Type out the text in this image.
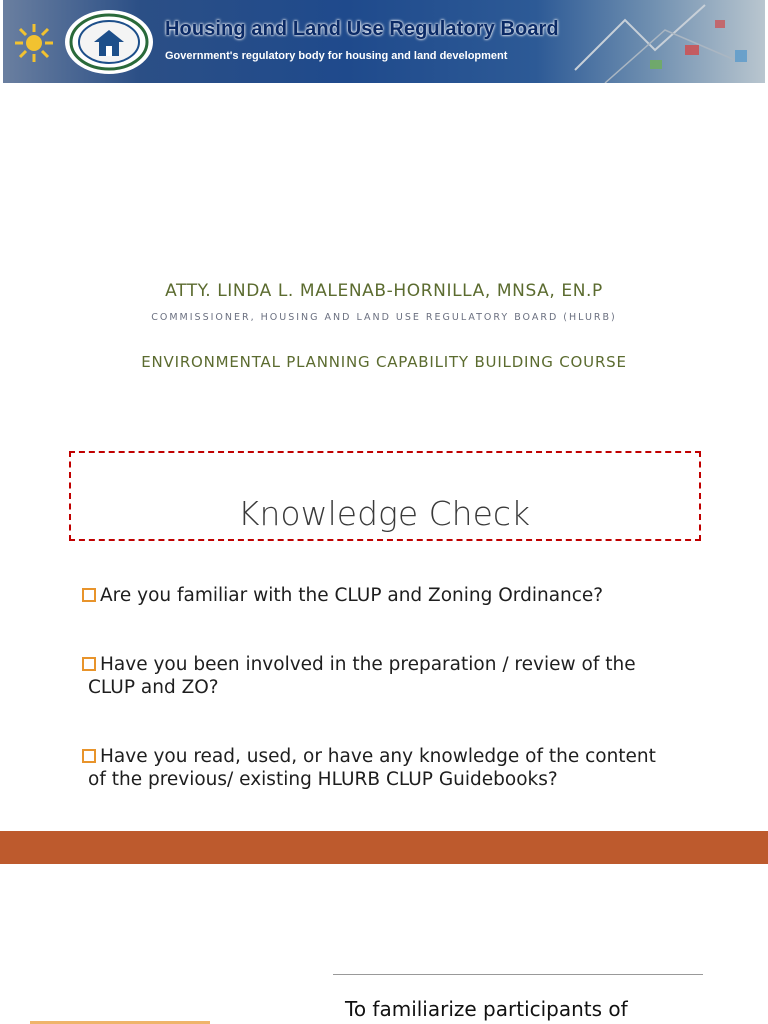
Housing and Land Use Regulatory Board
Government's regulatory body for housing and land development
ATTY. LINDA L. MALENAB-HORNILLA, MNSA, EN.P
COMMISSIONER, HOUSING AND LAND USE REGULATORY BOARD (HLURB)
ENVIRONMENTAL PLANNING CAPABILITY BUILDING COURSE
Knowledge Check
Are you familiar with the CLUP and Zoning Ordinance?
Have you been involved in the preparation / review of the
CLUP and ZO?
Have you read, used, or have any knowledge of the content
of the previous/ existing HLURB CLUP Guidebooks?
To familiarize participants of
